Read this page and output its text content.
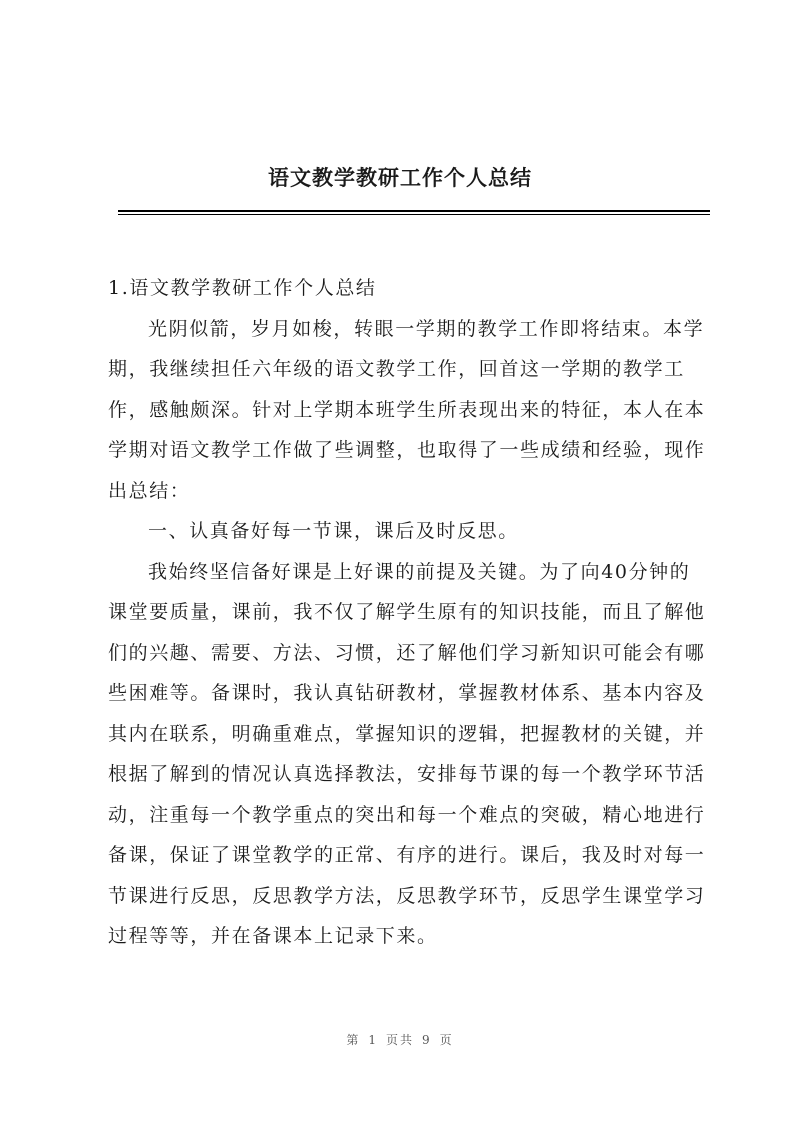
语文教学教研工作个人总结

1.语文教学教研工作个人总结

光阴似箭，岁月如梭，转眼一学期的教学工作即将结束。本学期，我继续担任六年级的语文教学工作，回首这一学期的教学工作，感触颇深。针对上学期本班学生所表现出来的特征，本人在本学期对语文教学工作做了些调整，也取得了一些成绩和经验，现作出总结：

一、认真备好每一节课，课后及时反思。

我始终坚信备好课是上好课的前提及关键。为了向40分钟的课堂要质量，课前，我不仅了解学生原有的知识技能，而且了解他们的兴趣、需要、方法、习惯，还了解他们学习新知识可能会有哪些困难等。备课时，我认真钻研教材，掌握教材体系、基本内容及其内在联系，明确重难点，掌握知识的逻辑，把握教材的关键，并根据了解到的情况认真选择教法，安排每节课的每一个教学环节活动，注重每一个教学重点的突出和每一个难点的突破，精心地进行备课，保证了课堂教学的正常、有序的进行。课后，我及时对每一节课进行反思，反思教学方法，反思教学环节，反思学生课堂学习过程等等，并在备课本上记录下来。

第 1 页共 9 页
